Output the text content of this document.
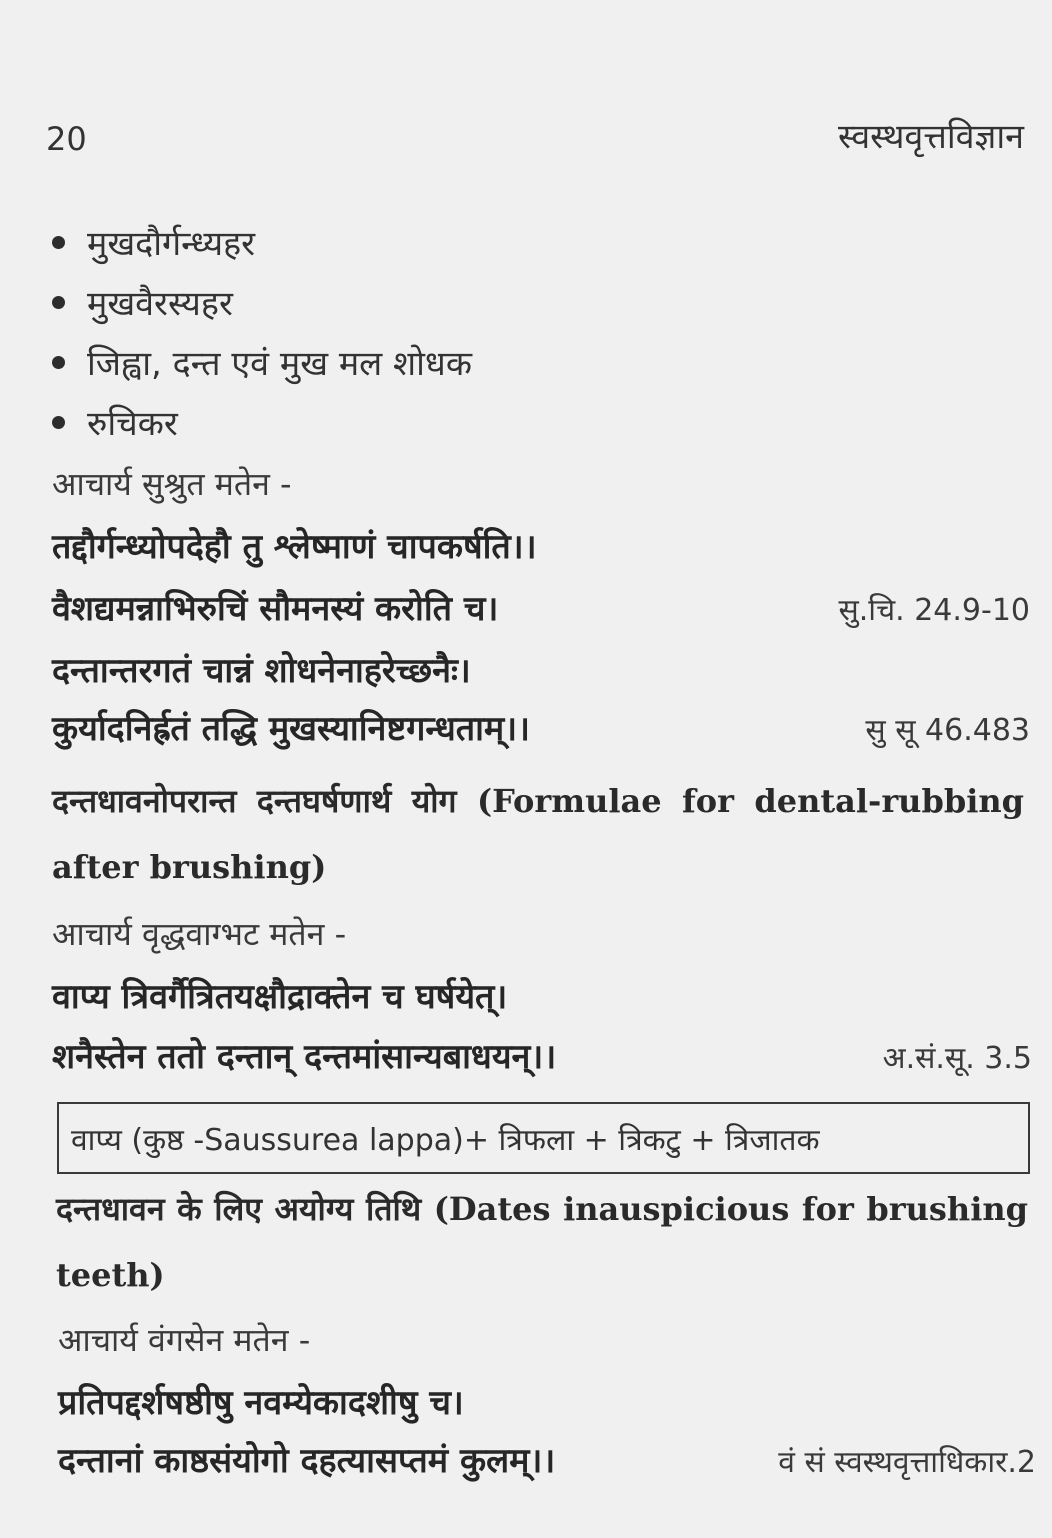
20	स्वस्थवृत्तविज्ञान
मुखदौर्गन्ध्यहर
मुखवैरस्यहर
जिह्वा, दन्त एवं मुख मल शोधक
रुचिकर
आचार्य सुश्रुत मतेन -
तद्दौर्गन्ध्योपदेहौ तु श्लेष्माणं चापकर्षति।।
वैशद्यमन्नाभिरुचिं सौमनस्यं करोति च।	सु.चि. 24.9-10
दन्तान्तरगतं चान्नं शोधनेनाहरेच्छनैः।
कुर्यादनिर्ह्रतं तद्धि मुखस्यानिष्टगन्धताम्।।	सु सू 46.483
दन्तधावनोपरान्त दन्तघर्षणार्थ योग (Formulae for dental-rubbing after brushing)
आचार्य वृद्धवाग्भट मतेन -
वाप्य त्रिवर्गैत्रितयक्षौद्राक्तेन च घर्षयेत्।
शनैस्तेन ततो दन्तान् दन्तमांसान्यबाधयन्।।	अ.सं.सू. 3.5
वाप्य (कुष्ठ -Saussurea lappa)+ त्रिफला + त्रिकटु + त्रिजातक
दन्तधावन के लिए अयोग्य तिथि (Dates inauspicious for brushing teeth)
आचार्य वंगसेन मतेन -
प्रतिपद्दर्शषष्ठीषु नवम्येकादशीषु च।
दन्तानां काष्ठसंयोगो दहत्यासप्तमं कुलम्।।	वं सं स्वस्थवृत्ताधिकार.2
